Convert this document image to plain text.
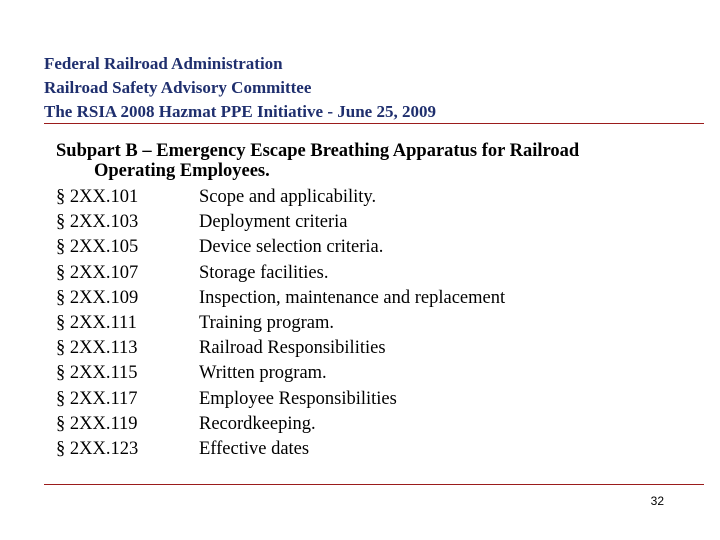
Federal Railroad Administration
Railroad Safety Advisory Committee
The RSIA 2008 Hazmat PPE Initiative - June 25, 2009

Subpart B – Emergency Escape Breathing Apparatus for Railroad
Operating Employees.

§ 2XX.101	Scope and applicability.
§ 2XX.103	Deployment criteria
§ 2XX.105	Device selection criteria.
§ 2XX.107	Storage facilities.
§ 2XX.109	Inspection, maintenance and replacement
§ 2XX.111	Training program.
§ 2XX.113	Railroad Responsibilities
§ 2XX.115	Written program.
§ 2XX.117	Employee Responsibilities
§ 2XX.119	Recordkeeping.
§ 2XX.123	Effective dates
32
